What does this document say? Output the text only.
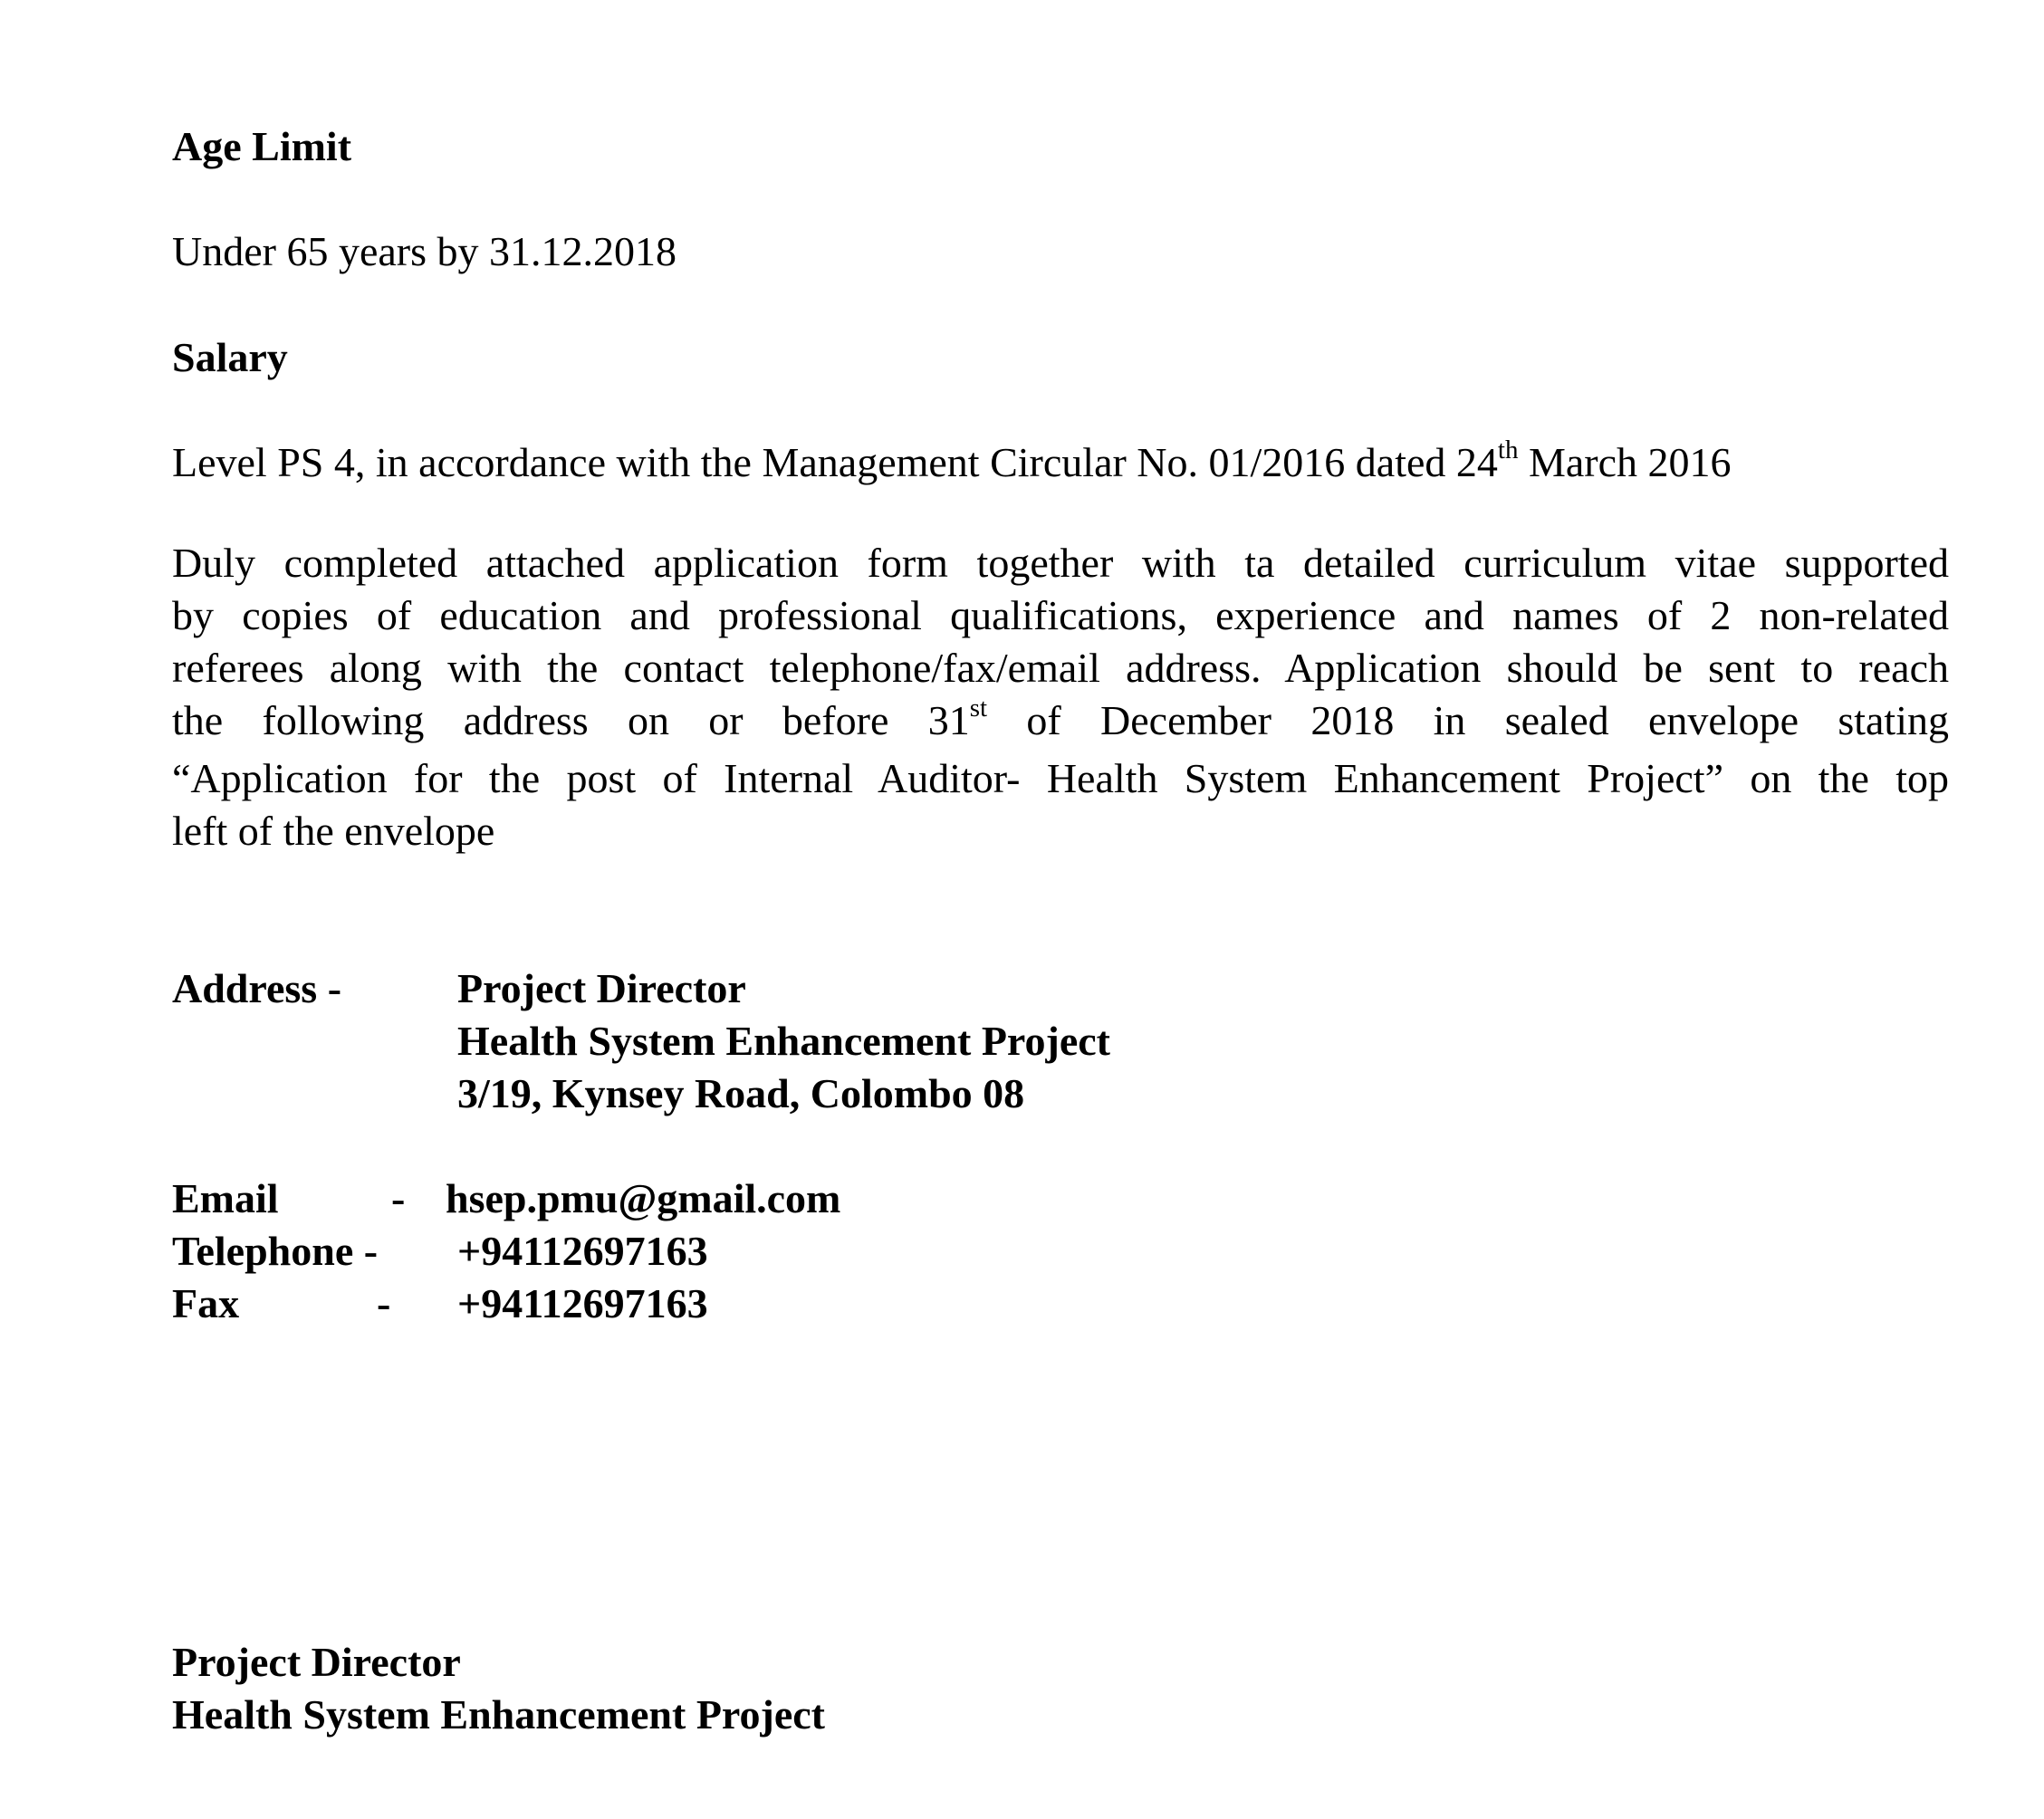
Age Limit
Under 65 years by 31.12.2018
Salary
Level PS 4, in accordance with the Management Circular No. 01/2016 dated 24th March 2016
Duly completed attached application form together with ta detailed curriculum vitae supported
by copies of education and professional qualifications, experience and names of 2 non-related
referees along with the contact telephone/fax/email address. Application should be sent to reach
the following address on or before 31st of December 2018 in sealed envelope stating
“Application for the post of Internal Auditor- Health System Enhancement Project” on the top
left of the envelope
Address -	Project Director
Health System Enhancement Project
3/19, Kynsey Road, Colombo 08
Email	- hsep.pmu@gmail.com
Telephone - +94112697163
Fax	- +94112697163
Project Director
Health System Enhancement Project
